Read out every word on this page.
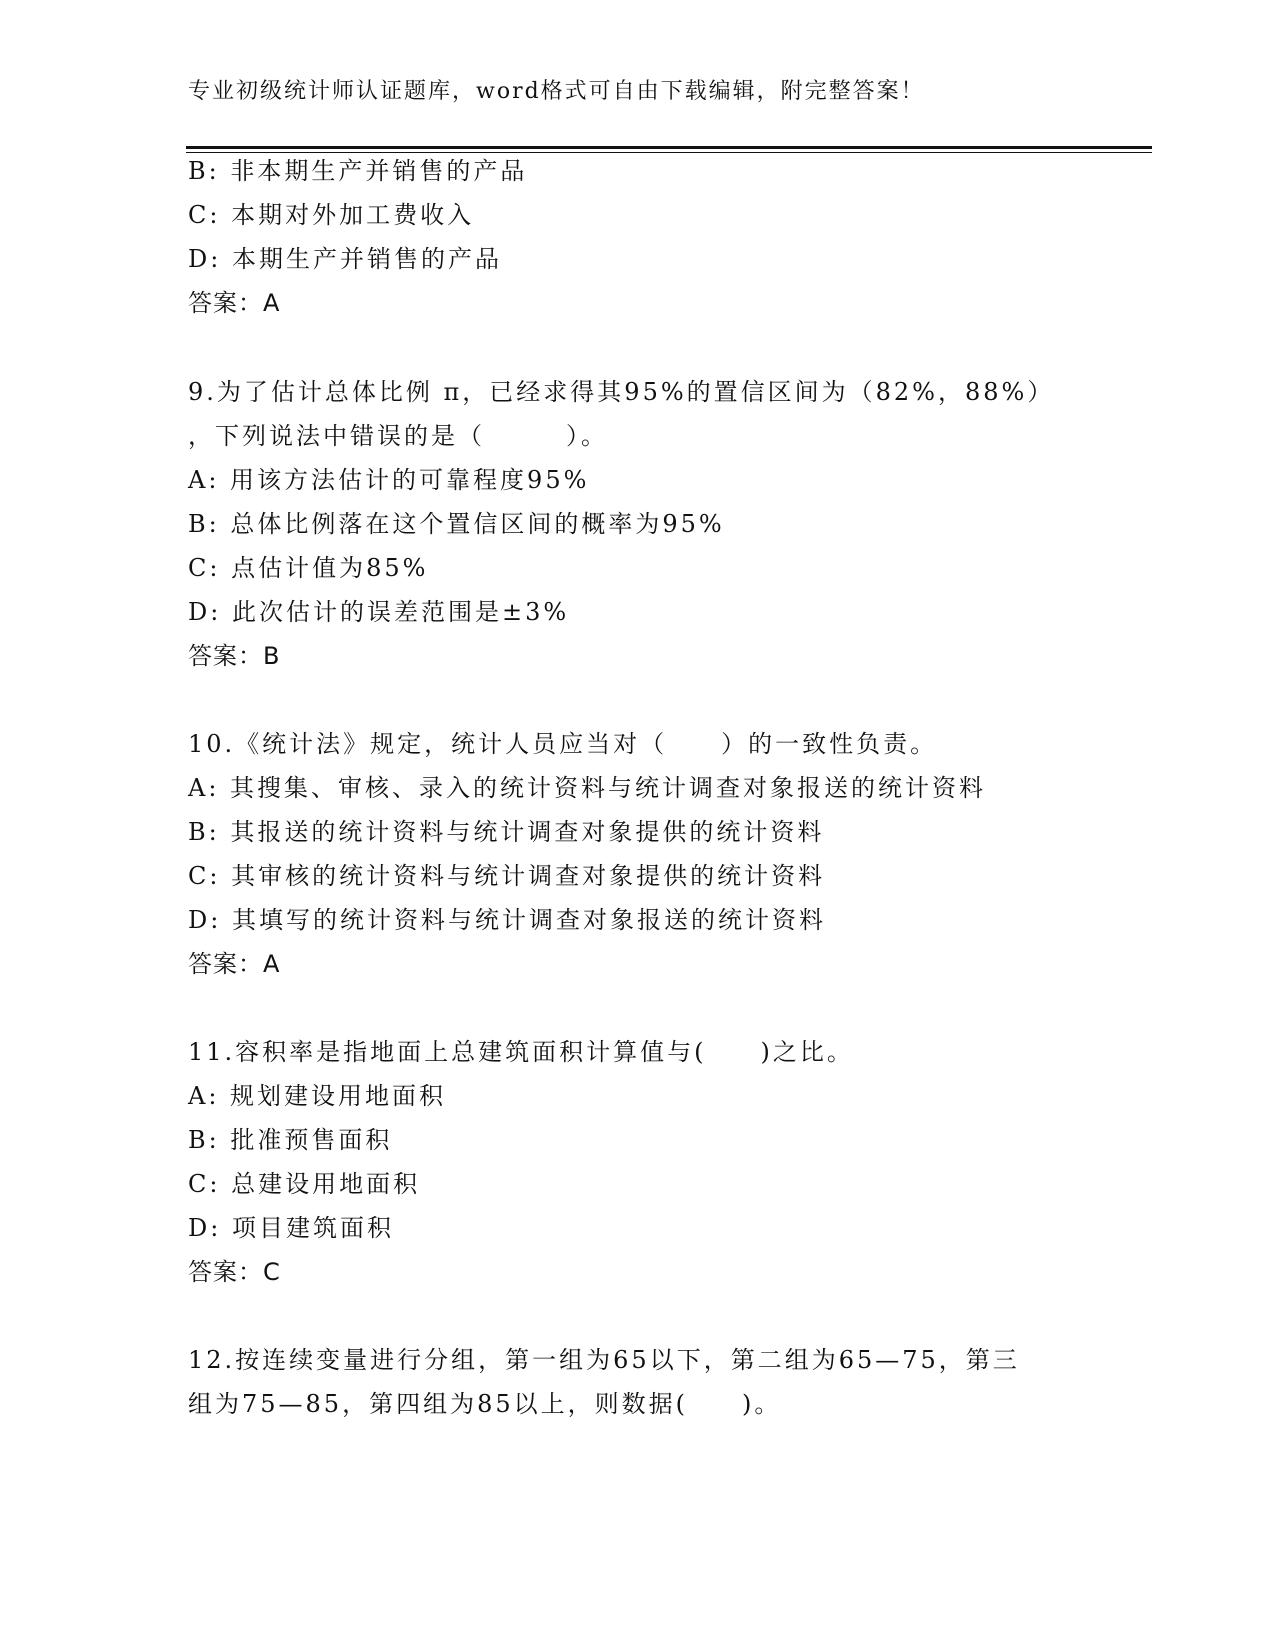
专业初级统计师认证题库，word格式可自由下载编辑，附完整答案！
B: 非本期生产并销售的产品
C: 本期对外加工费收入
D: 本期生产并销售的产品
答案：A
9.为了估计总体比例 π，已经求得其95%的置信区间为（82%，88%）
，下列说法中错误的是（　　　）。
A: 用该方法估计的可靠程度95%
B: 总体比例落在这个置信区间的概率为95%
C: 点估计值为85%
D: 此次估计的误差范围是±3%
答案：B
10.《统计法》规定，统计人员应当对（　　）的一致性负责。
A: 其搜集、审核、录入的统计资料与统计调查对象报送的统计资料
B: 其报送的统计资料与统计调查对象提供的统计资料
C: 其审核的统计资料与统计调查对象提供的统计资料
D: 其填写的统计资料与统计调查对象报送的统计资料
答案：A
11.容积率是指地面上总建筑面积计算值与(　　)之比。
A: 规划建设用地面积
B: 批准预售面积
C: 总建设用地面积
D: 项目建筑面积
答案：C
12.按连续变量进行分组，第一组为65以下，第二组为65—75，第三
组为75—85，第四组为85以上，则数据(　　)。
